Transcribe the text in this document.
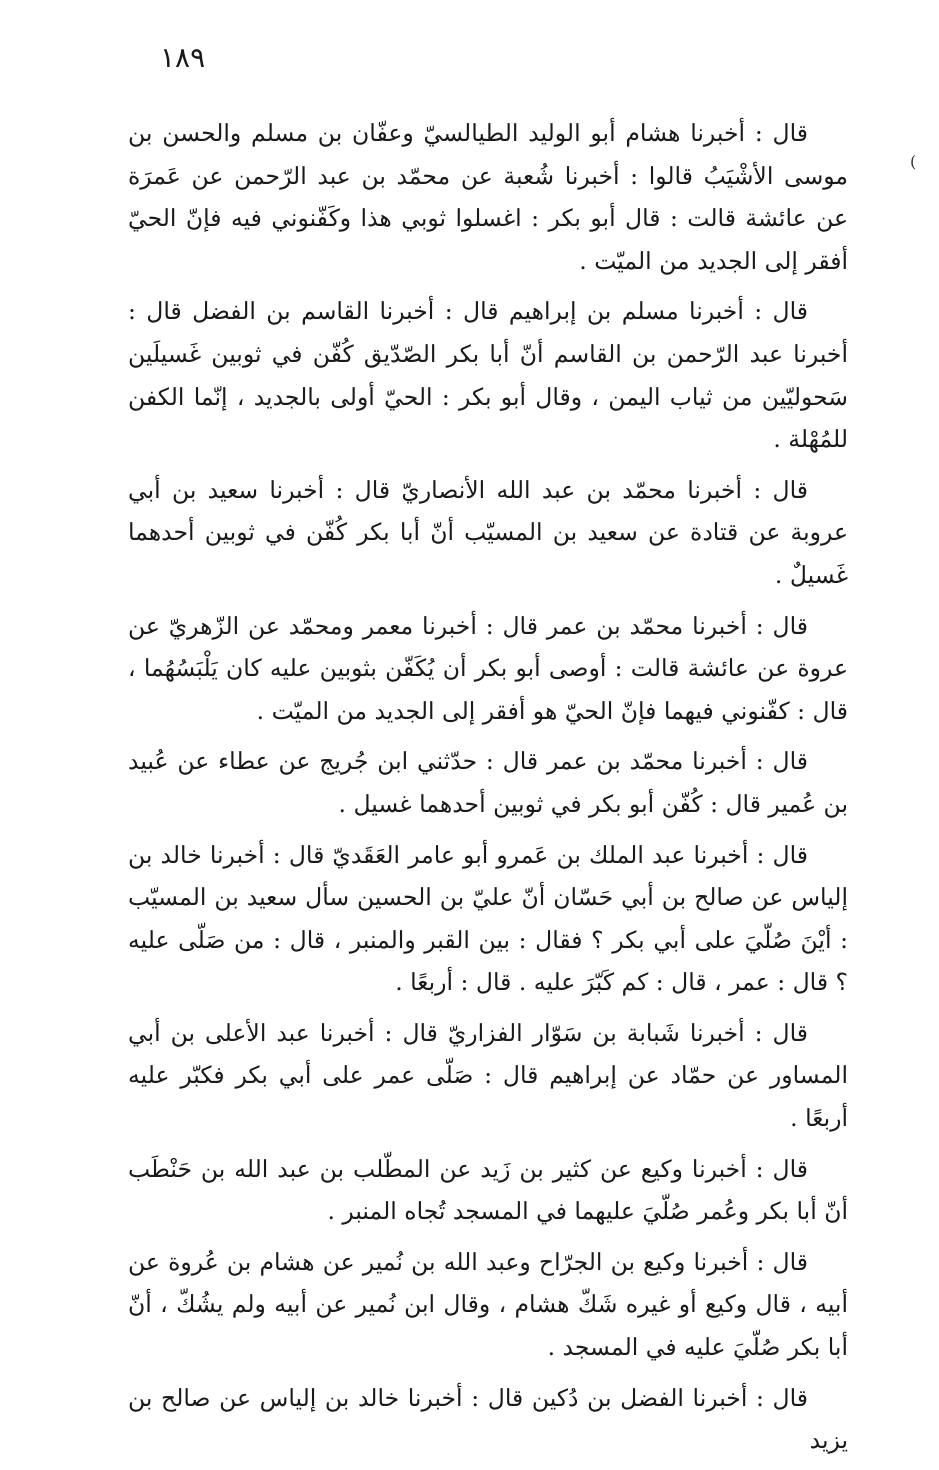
١٨٩
(

قال : أخبرنا هشام أبو الوليد الطيالسيّ وعفّان بن مسلم والحسن بن موسى الأشْيَبُ قالوا : أخبرنا شُعبة عن محمّد بن عبد الرّحمن عن عَمرَة عن عائشة قالت : قال أبو بكر : اغسلوا ثوبي هذا وكَفّنوني فيه فإنّ الحيّ أفقر إلى الجديد من الميّت .

قال : أخبرنا مسلم بن إبراهيم قال : أخبرنا القاسم بن الفضل قال : أخبرنا عبد الرّحمن بن القاسم أنّ أبا بكر الصّدّيق كُفّن في ثوبين غَسيلَين سَحوليّين من ثياب اليمن ، وقال أبو بكر : الحيّ أولى بالجديد ، إنّما الكفن للمُهْلة .

قال : أخبرنا محمّد بن عبد الله الأنصاريّ قال : أخبرنا سعيد بن أبي عروبة عن قتادة عن سعيد بن المسيّب أنّ أبا بكر كُفّن في ثوبين أحدهما غَسيلٌ .

قال : أخبرنا محمّد بن عمر قال : أخبرنا معمر ومحمّد عن الزّهريّ عن عروة عن عائشة قالت : أوصى أبو بكر أن يُكَفّن بثوبين عليه كان يَلْبَسُهُما ، قال : كفّنوني فيهما فإنّ الحيّ هو أفقر إلى الجديد من الميّت .

قال : أخبرنا محمّد بن عمر قال : حدّثني ابن جُريج عن عطاء عن عُبيد بن عُمير قال : كُفّن أبو بكر في ثوبين أحدهما غسيل .

قال : أخبرنا عبد الملك بن عَمرو أبو عامر العَقَديّ قال : أخبرنا خالد بن إلياس عن صالح بن أبي حَسّان أنّ عليّ بن الحسين سأل سعيد بن المسيّب : أيْنَ صُلّيَ على أبي بكر ؟ فقال : بين القبر والمنبر ، قال : من صَلّى عليه ؟ قال : عمر ، قال : كم كَبّرَ عليه . قال : أربعًا .

قال : أخبرنا شَبابة بن سَوّار الفزاريّ قال : أخبرنا عبد الأعلى بن أبي المساور عن حمّاد عن إبراهيم قال : صَلّى عمر على أبي بكر فكبّر عليه أربعًا .

قال : أخبرنا وكيع عن كثير بن زَيد عن المطّلب بن عبد الله بن حَنْطَب أنّ أبا بكر وعُمر صُلّيَ عليهما في المسجد تُجاه المنبر .

قال : أخبرنا وكيع بن الجرّاح وعبد الله بن نُمير عن هشام بن عُروة عن أبيه ، قال وكيع أو غيره شَكّ هشام ، وقال ابن نُمير عن أبيه ولم يشُكّ ، أنّ أبا بكر صُلّيَ عليه في المسجد .

قال : أخبرنا الفضل بن دُكين قال : أخبرنا خالد بن إلياس عن صالح بن يزيد
